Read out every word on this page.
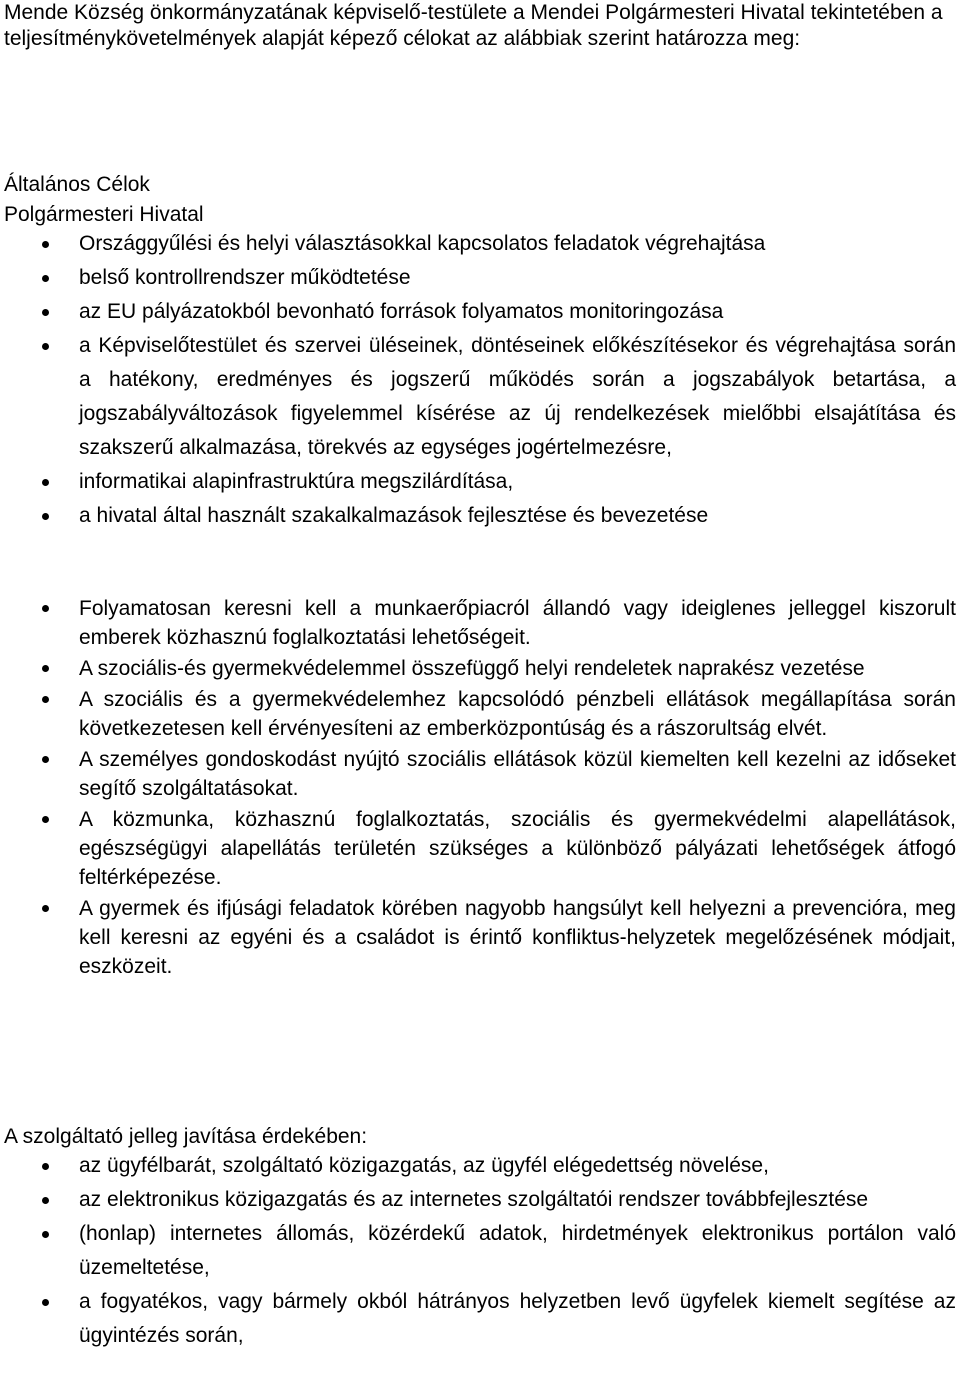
Mende Község önkormányzatának képviselő-testülete a Mendei Polgármesteri Hivatal tekintetében a teljesítménykövetelmények alapját képező célokat az alábbiak szerint határozza meg:

Általános Célok

Polgármesteri Hivatal

Országgyűlési és helyi választásokkal kapcsolatos feladatok végrehajtása
belső kontrollrendszer működtetése
az EU pályázatokból bevonható források folyamatos monitoringozása
a Képviselőtestület és szervei üléseinek, döntéseinek előkészítésekor és végrehajtása során a hatékony, eredményes és jogszerű működés során a jogszabályok betartása, a jogszabályváltozások figyelemmel kísérése az új rendelkezések mielőbbi elsajátítása és szakszerű alkalmazása, törekvés az egységes jogértelmezésre,
informatikai alapinfrastruktúra megszilárdítása,
a hivatal által használt szakalkalmazások fejlesztése és bevezetése
Folyamatosan keresni kell a munkaerőpiacról állandó vagy ideiglenes jelleggel kiszorult emberek közhasznú foglalkoztatási lehetőségeit.
A szociális-és gyermekvédelemmel összefüggő helyi rendeletek naprakész vezetése
A szociális és a gyermekvédelemhez kapcsolódó pénzbeli ellátások megállapítása során következetesen kell érvényesíteni az emberközpontúság és a rászorultság elvét.
A személyes gondoskodást nyújtó szociális ellátások közül kiemelten kell kezelni az időseket segítő szolgáltatásokat.
A közmunka, közhasznú foglalkoztatás, szociális és gyermekvédelmi alapellátások, egészségügyi alapellátás területén szükséges a különböző pályázati lehetőségek átfogó feltérképezése.
A gyermek és ifjúsági feladatok körében nagyobb hangsúlyt kell helyezni a prevencióra, meg kell keresni az egyéni és a családot is érintő konfliktus-helyzetek megelőzésének módjait, eszközeit.

A szolgáltató jelleg javítása érdekében:

az ügyfélbarát, szolgáltató közigazgatás, az ügyfél elégedettség növelése,
az elektronikus közigazgatás és az internetes szolgáltatói rendszer továbbfejlesztése
(honlap) internetes állomás, közérdekű adatok, hirdetmények elektronikus portálon való üzemeltetése,
a fogyatékos, vagy bármely okból hátrányos helyzetben levő ügyfelek kiemelt segítése az ügyintézés során,
